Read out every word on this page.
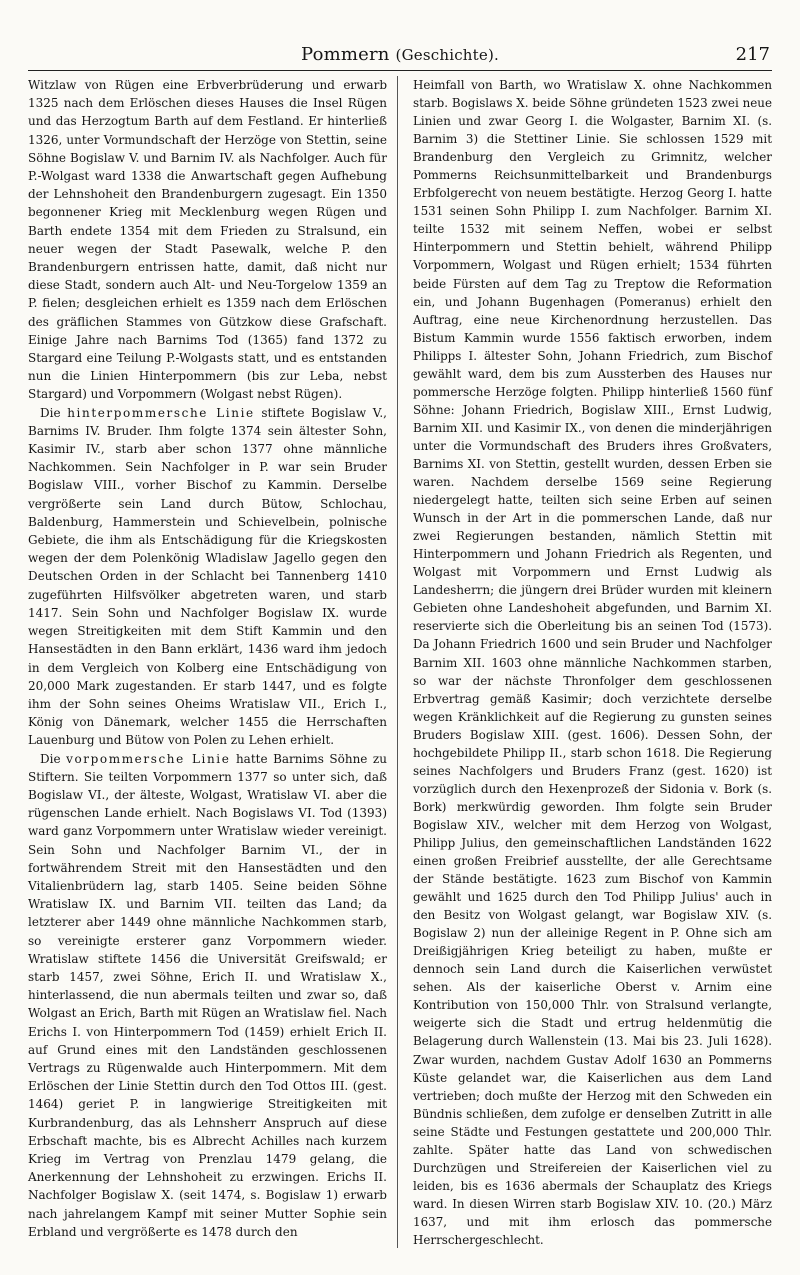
Pommern (Geschichte).	217

Witzlaw von Rügen eine Erbverbrüderung und erwarb 1325 nach dem Erlöschen dieses Hauses die Insel Rügen und das Herzogtum Barth auf dem Festland. Er hinterließ 1326, unter Vormundschaft der Herzöge von Stettin, seine Söhne Bogislaw V. und Barnim IV. als Nachfolger. Auch für P.-Wolgast ward 1338 die Anwartschaft gegen Aufhebung der Lehnshoheit den Brandenburgern zugesagt. Ein 1350 begonnener Krieg mit Mecklenburg wegen Rügen und Barth endete 1354 mit dem Frieden zu Stralsund, ein neuer wegen der Stadt Pasewalk, welche P. den Brandenburgern entrissen hatte, damit, daß nicht nur diese Stadt, sondern auch Alt- und Neu-Torgelow 1359 an P. fielen; desgleichen erhielt es 1359 nach dem Erlöschen des gräflichen Stammes von Gützkow diese Grafschaft. Einige Jahre nach Barnims Tod (1365) fand 1372 zu Stargard eine Teilung P.-Wolgasts statt, und es entstanden nun die Linien Hinterpommern (bis zur Leba, nebst Stargard) und Vorpommern (Wolgast nebst Rügen).

Die hinterpommersche Linie stiftete Bogislaw V., Barnims IV. Bruder. Ihm folgte 1374 sein ältester Sohn, Kasimir IV., starb aber schon 1377 ohne männliche Nachkommen. Sein Nachfolger in P. war sein Bruder Bogislaw VIII., vorher Bischof zu Kammin. Derselbe vergrößerte sein Land durch Bütow, Schlochau, Baldenburg, Hammerstein und Schievelbein, polnische Gebiete, die ihm als Entschädigung für die Kriegskosten wegen der dem Polenkönig Wladislaw Jagello gegen den Deutschen Orden in der Schlacht bei Tannenberg 1410 zugeführten Hilfsvölker abgetreten waren, und starb 1417. Sein Sohn und Nachfolger Bogislaw IX. wurde wegen Streitigkeiten mit dem Stift Kammin und den Hansestädten in den Bann erklärt, 1436 ward ihm jedoch in dem Vergleich von Kolberg eine Entschädigung von 20,000 Mark zugestanden. Er starb 1447, und es folgte ihm der Sohn seines Oheims Wratislaw VII., Erich I., König von Dänemark, welcher 1455 die Herrschaften Lauenburg und Bütow von Polen zu Lehen erhielt.

Die vorpommersche Linie hatte Barnims Söhne zu Stiftern. Sie teilten Vorpommern 1377 so unter sich, daß Bogislaw VI., der älteste, Wolgast, Wratislaw VI. aber die rügenschen Lande erhielt. Nach Bogislaws VI. Tod (1393) ward ganz Vorpommern unter Wratislaw wieder vereinigt. Sein Sohn und Nachfolger Barnim VI., der in fortwährendem Streit mit den Hansestädten und den Vitalienbrüdern lag, starb 1405. Seine beiden Söhne Wratislaw IX. und Barnim VII. teilten das Land; da letzterer aber 1449 ohne männliche Nachkommen starb, so vereinigte ersterer ganz Vorpommern wieder. Wratislaw stiftete 1456 die Universität Greifswald; er starb 1457, zwei Söhne, Erich II. und Wratislaw X., hinterlassend, die nun abermals teilten und zwar so, daß Wolgast an Erich, Barth mit Rügen an Wratislaw fiel. Nach Erichs I. von Hinterpommern Tod (1459) erhielt Erich II. auf Grund eines mit den Landständen geschlossenen Vertrags zu Rügenwalde auch Hinterpommern. Mit dem Erlöschen der Linie Stettin durch den Tod Ottos III. (gest. 1464) geriet P. in langwierige Streitigkeiten mit Kurbrandenburg, das als Lehnsherr Anspruch auf diese Erbschaft machte, bis es Albrecht Achilles nach kurzem Krieg im Vertrag von Prenzlau 1479 gelang, die Anerkennung der Lehnshoheit zu erzwingen. Erichs II. Nachfolger Bogislaw X. (seit 1474, s. Bogislaw 1) erwarb nach jahrelangem Kampf mit seiner Mutter Sophie sein Erbland und vergrößerte es 1478 durch den

Heimfall von Barth, wo Wratislaw X. ohne Nachkommen starb. Bogislaws X. beide Söhne gründeten 1523 zwei neue Linien und zwar Georg I. die Wolgaster, Barnim XI. (s. Barnim 3) die Stettiner Linie. Sie schlossen 1529 mit Brandenburg den Vergleich zu Grimnitz, welcher Pommerns Reichsunmittelbarkeit und Brandenburgs Erbfolgerecht von neuem bestätigte. Herzog Georg I. hatte 1531 seinen Sohn Philipp I. zum Nachfolger. Barnim XI. teilte 1532 mit seinem Neffen, wobei er selbst Hinterpommern und Stettin behielt, während Philipp Vorpommern, Wolgast und Rügen erhielt; 1534 führten beide Fürsten auf dem Tag zu Treptow die Reformation ein, und Johann Bugenhagen (Pomeranus) erhielt den Auftrag, eine neue Kirchenordnung herzustellen. Das Bistum Kammin wurde 1556 faktisch erworben, indem Philipps I. ältester Sohn, Johann Friedrich, zum Bischof gewählt ward, dem bis zum Aussterben des Hauses nur pommersche Herzöge folgten. Philipp hinterließ 1560 fünf Söhne: Johann Friedrich, Bogislaw XIII., Ernst Ludwig, Barnim XII. und Kasimir IX., von denen die minderjährigen unter die Vormundschaft des Bruders ihres Großvaters, Barnims XI. von Stettin, gestellt wurden, dessen Erben sie waren. Nachdem derselbe 1569 seine Regierung niedergelegt hatte, teilten sich seine Erben auf seinen Wunsch in der Art in die pommerschen Lande, daß nur zwei Regierungen bestanden, nämlich Stettin mit Hinterpommern und Johann Friedrich als Regenten, und Wolgast mit Vorpommern und Ernst Ludwig als Landesherrn; die jüngern drei Brüder wurden mit kleinern Gebieten ohne Landeshoheit abgefunden, und Barnim XI. reservierte sich die Oberleitung bis an seinen Tod (1573). Da Johann Friedrich 1600 und sein Bruder und Nachfolger Barnim XII. 1603 ohne männliche Nachkommen starben, so war der nächste Thronfolger dem geschlossenen Erbvertrag gemäß Kasimir; doch verzichtete derselbe wegen Kränklichkeit auf die Regierung zu gunsten seines Bruders Bogislaw XIII. (gest. 1606). Dessen Sohn, der hochgebildete Philipp II., starb schon 1618. Die Regierung seines Nachfolgers und Bruders Franz (gest. 1620) ist vorzüglich durch den Hexenprozeß der Sidonia v. Bork (s. Bork) merkwürdig geworden. Ihm folgte sein Bruder Bogislaw XIV., welcher mit dem Herzog von Wolgast, Philipp Julius, den gemeinschaftlichen Landständen 1622 einen großen Freibrief ausstellte, der alle Gerechtsame der Stände bestätigte. 1623 zum Bischof von Kammin gewählt und 1625 durch den Tod Philipp Julius' auch in den Besitz von Wolgast gelangt, war Bogislaw XIV. (s. Bogislaw 2) nun der alleinige Regent in P. Ohne sich am Dreißigjährigen Krieg beteiligt zu haben, mußte er dennoch sein Land durch die Kaiserlichen verwüstet sehen. Als der kaiserliche Oberst v. Arnim eine Kontribution von 150,000 Thlr. von Stralsund verlangte, weigerte sich die Stadt und ertrug heldenmütig die Belagerung durch Wallenstein (13. Mai bis 23. Juli 1628). Zwar wurden, nachdem Gustav Adolf 1630 an Pommerns Küste gelandet war, die Kaiserlichen aus dem Land vertrieben; doch mußte der Herzog mit den Schweden ein Bündnis schließen, dem zufolge er denselben Zutritt in alle seine Städte und Festungen gestattete und 200,000 Thlr. zahlte. Später hatte das Land von schwedischen Durchzügen und Streifereien der Kaiserlichen viel zu leiden, bis es 1636 abermals der Schauplatz des Kriegs ward. In diesen Wirren starb Bogislaw XIV. 10. (20.) März 1637, und mit ihm erlosch das pommersche Herrschergeschlecht.
